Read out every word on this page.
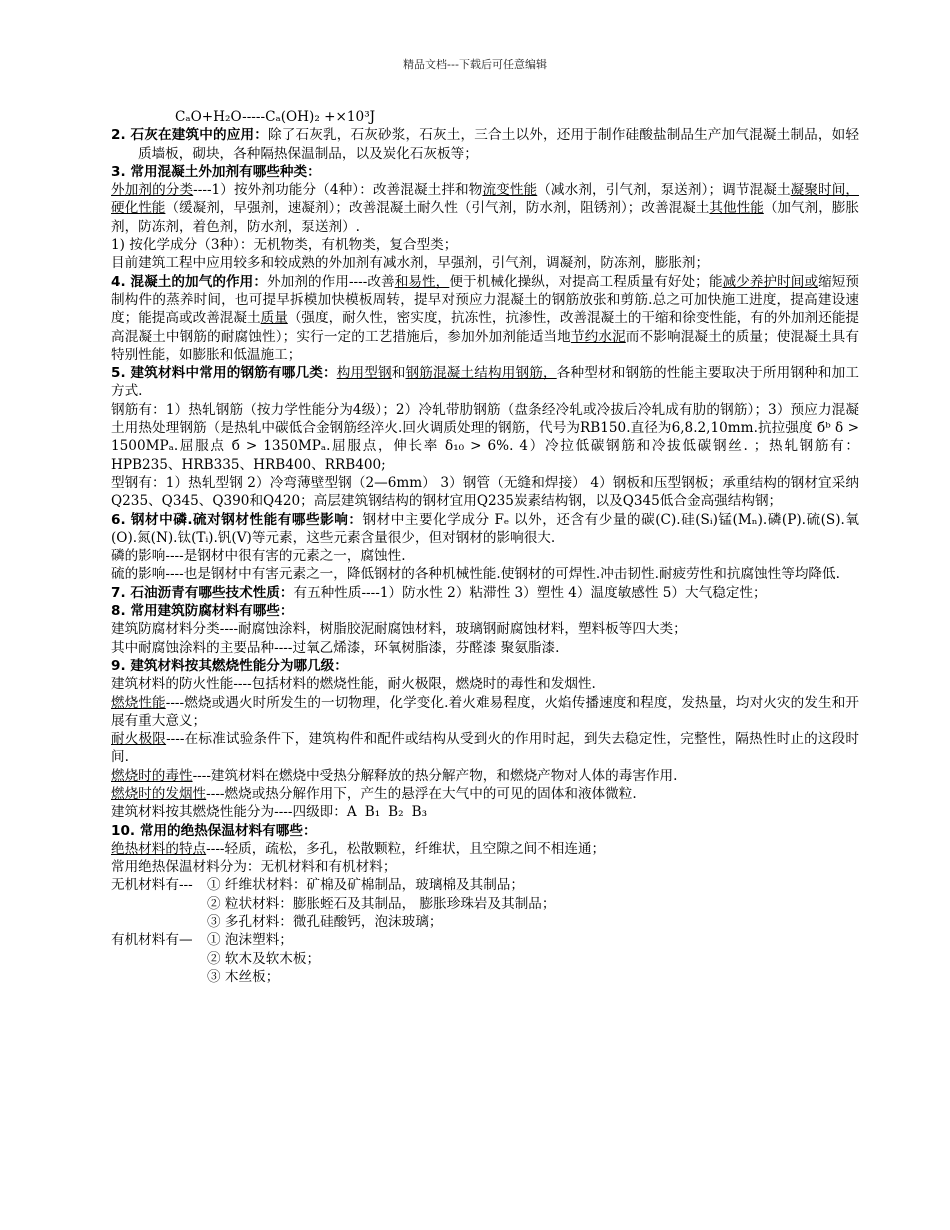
精品文档---下载后可任意编辑

CₐO+H₂O-----Cₐ(OH)₂ +×10³J

2. 石灰在建筑中的应用：除了石灰乳，石灰砂浆，石灰土，三合土以外，还用于制作硅酸盐制品生产加气混凝土制品，如轻质墙板，砌块，各种隔热保温制品，以及炭化石灰板等；

3. 常用混凝土外加剂有哪些种类：

外加剂的分类----1）按外剂功能分（4种）：改善混凝土拌和物流变性能（减水剂，引气剂，泵送剂）；调节混凝土凝聚时间，硬化性能（缓凝剂，早强剂，速凝剂）；改善混凝土耐久性（引气剂，防水剂，阻锈剂）；改善混凝土其他性能（加气剂，膨胀剂，防冻剂，着色剂，防水剂，泵送剂）.

1) 按化学成分（3种）：无机物类，有机物类，复合型类；

目前建筑工程中应用较多和较成熟的外加剂有减水剂，早强剂，引气剂，调凝剂，防冻剂，膨胀剂；

4. 混凝土的加气的作用：外加剂的作用----改善和易性，便于机械化操纵，对提高工程质量有好处；能减少养护时间或缩短预制构件的蒸养时间，也可提早拆模加快模板周转，提早对预应力混凝土的钢筋放张和剪筋.总之可加快施工进度，提高建设速度；能提高或改善混凝土质量（强度，耐久性，密实度，抗冻性，抗渗性，改善混凝土的干缩和徐变性能，有的外加剂还能提高混凝土中钢筋的耐腐蚀性）；实行一定的工艺措施后，参加外加剂能适当地节约水泥而不影响混凝土的质量；使混凝土具有特别性能，如膨胀和低温施工；

5. 建筑材料中常用的钢筋有哪几类：构用型钢和钢筋混凝土结构用钢筋，各种型材和钢筋的性能主要取决于所用钢种和加工方式.

钢筋有：1）热轧钢筋（按力学性能分为4级）；2）冷轧带肋钢筋（盘条经冷轧或冷拔后冷轧成有肋的钢筋）；3）预应力混凝土用热处理钢筋（是热轧中碳低合金钢筋经淬火.回火调质处理的钢筋，代号为RB150.直径为6,8.2,10mm.抗拉强度 бᵇ δ > 1500MPₐ.屈服点 б > 1350MPₐ.屈服点，伸长率 δ₁₀ > 6%. 4）冷拉低碳钢筋和冷拔低碳钢丝. ；热轧钢筋有：HPB235、HRB335、HRB400、RRB400;

型钢有：1）热轧型钢 2）冷弯薄壁型钢（2—6mm） 3）钢管（无缝和焊接） 4）钢板和压型钢板；承重结构的钢材宜采纳Q235、Q345、Q390和Q420；高层建筑钢结构的钢材宜用Q235炭素结构钢，以及Q345低合金高强结构钢；

6. 钢材中磷.硫对钢材性能有哪些影响：钢材中主要化学成分 Fₑ 以外，还含有少量的碳(C).硅(Sᵢ)锰(Mₙ).磷(P).硫(S).氧(O).氮(N).钛(Tᵢ).钒(V)等元素，这些元素含量很少，但对钢材的影响很大.

磷的影响----是钢材中很有害的元素之一，腐蚀性.

硫的影响----也是钢材中有害元素之一，降低钢材的各种机械性能.使钢材的可焊性.冲击韧性.耐疲劳性和抗腐蚀性等均降低.

7. 石油沥青有哪些技术性质：有五种性质----1）防水性 2）粘滞性 3）塑性 4）温度敏感性 5）大气稳定性；

8. 常用建筑防腐材料有哪些：

建筑防腐材料分类----耐腐蚀涂料，树脂胶泥耐腐蚀材料，玻璃钢耐腐蚀材料，塑料板等四大类；

其中耐腐蚀涂料的主要品种----过氧乙烯漆，环氧树脂漆，芬醛漆 聚氨脂漆.

9. 建筑材料按其燃烧性能分为哪几级：

建筑材料的防火性能----包括材料的燃烧性能，耐火极限，燃烧时的毒性和发烟性.

燃烧性能----燃烧或遇火时所发生的一切物理，化学变化.着火难易程度，火焰传播速度和程度，发热量，均对火灾的发生和开展有重大意义；

耐火极限----在标准试验条件下，建筑构件和配件或结构从受到火的作用时起，到失去稳定性，完整性，隔热性时止的这段时间.

燃烧时的毒性----建筑材料在燃烧中受热分解释放的热分解产物，和燃烧产物对人体的毒害作用.

燃烧时的发烟性----燃烧或热分解作用下，产生的悬浮在大气中的可见的固体和液体微粒.

建筑材料按其燃烧性能分为----四级即：A B₁ B₂ B₃

10. 常用的绝热保温材料有哪些：

绝热材料的特点----轻质，疏松，多孔，松散颗粒，纤维状，且空隙之间不相连通；

常用绝热保温材料分为：无机材料和有机材料；

无机材料有---	① 纤维状材料：矿棉及矿棉制品，玻璃棉及其制品；
② 粒状材料：膨胀蛭石及其制品， 膨胀珍珠岩及其制品；
③ 多孔材料：微孔硅酸钙，泡沫玻璃；
有机材料有—	① 泡沫塑料；
② 软木及软木板；
③ 木丝板；
